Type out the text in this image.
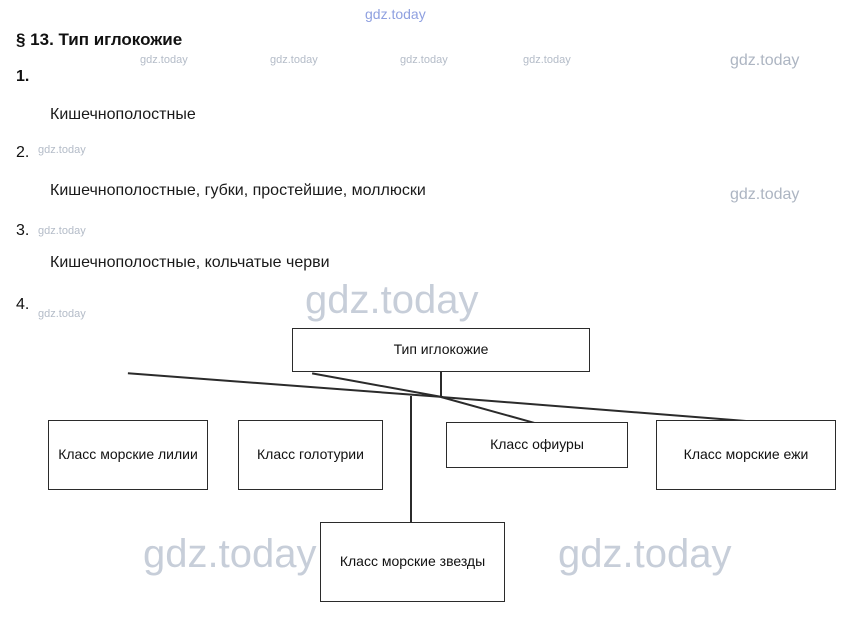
gdz.today
gdz.today	gdz.today	gdz.today	gdz.today	gdz.today
gdz.today
gdz.today
gdz.today
gdz.today	gdz.today
gdz.today	gdz.today
§ 13. Тип иглокожие
1.
Кишечнополостные
2.
Кишечнополостные, губки, простейшие, моллюски
3.
Кишечнополостные, кольчатые черви
4.
Тип иглокожие
Класс морские лилии	Класс голотурии
Класс офиуры
Класс морские ежи
Класс морские звезды
